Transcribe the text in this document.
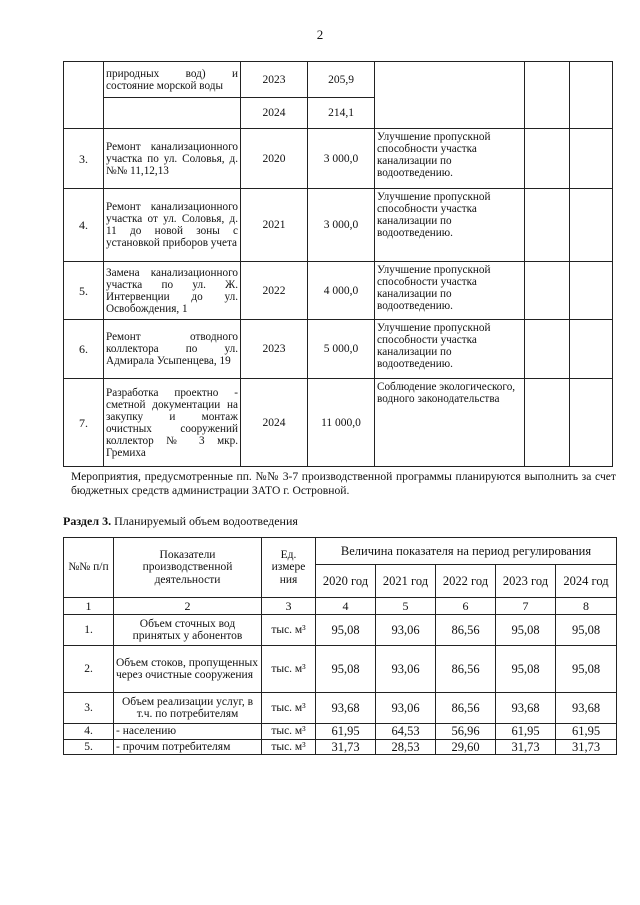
2
	природных вод) и состояние морской воды	2023	205,9			
		2024	214,1			
3.	Ремонт канализационного участка по ул. Соловья, д. №№ 11,12,13	2020	3 000,0	Улучшение пропускной способности участка канализации по водоотведению.		
4.	Ремонт канализационного участка от ул. Соловья, д. 11 до новой зоны с установкой приборов учета	2021	3 000,0	Улучшение пропускной способности участка канализации по водоотведению.		
5.	Замена канализационного участка по ул. Ж. Интервенции до ул. Освобождения, 1	2022	4 000,0	Улучшение пропускной способности участка канализации по водоотведению.		
6.	Ремонт отводного коллектора по ул. Адмирала Усыпенцева, 19	2023	5 000,0	Улучшение пропускной способности участка канализации по водоотведению.		
7.	Разработка проектно - сметной документации на закупку и монтаж очистных сооружений коллектор № 3 мкр. Гремиха	2024	11 000,0	Соблюдение экологического, водного законодательства		
Мероприятия, предусмотренные пп. №№ 3-7 производственной программы планируются выполнить за счет бюджетных средств администрации ЗАТО г. Островной.
Раздел 3. Планируемый объем водоотведения
№№ п/п	Показатели производственной деятельности	Ед. измере ния	Величина показателя на период регулирования				
			2020 год	2021 год	2022 год	2023 год	2024 год
1	2	3	4	5	6	7	8
1.	Объем сточных вод принятых у абонентов	тыс. м³	95,08	93,06	86,56	95,08	95,08
2.	Объем стоков, пропущенных через очистные сооружения	тыс. м³	95,08	93,06	86,56	95,08	95,08
3.	Объем реализации услуг, в т.ч. по потребителям	тыс. м³	93,68	93,06	86,56	93,68	93,68
4.	- населению	тыс. м³	61,95	64,53	56,96	61,95	61,95
5.	- прочим потребителям	тыс. м³	31,73	28,53	29,60	31,73	31,73
